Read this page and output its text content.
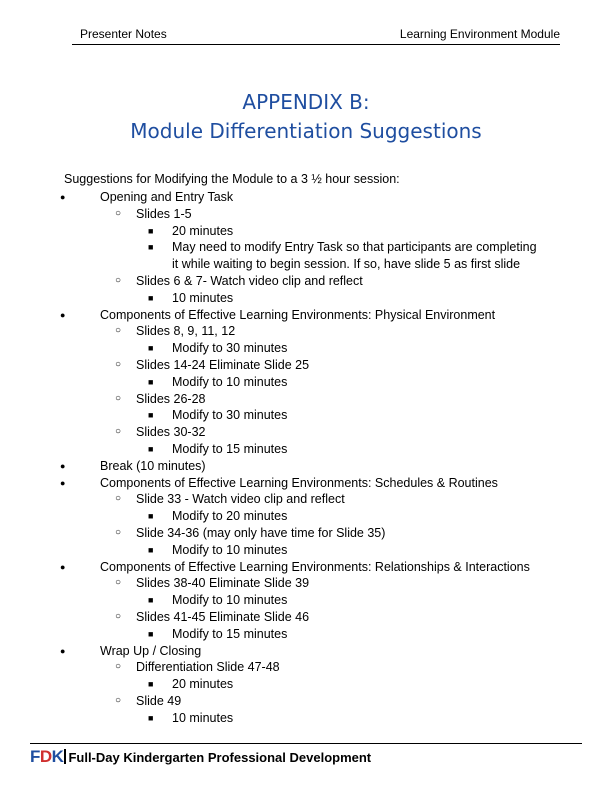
Presenter Notes	Learning Environment Module
APPENDIX B:
Module Differentiation Suggestions
Suggestions for Modifying the Module to a 3 ½ hour session:
●	Opening and Entry Task
○ Slides 1-5
■ 20 minutes
■ May need to modify Entry Task so that participants are completing
it while waiting to begin session. If so, have slide 5 as first slide
○ Slides 6 & 7- Watch video clip and reflect
■ 10 minutes
●	Components of Effective Learning Environments: Physical Environment
○ Slides 8, 9, 11, 12
■ Modify to 30 minutes
○ Slides 14-24 Eliminate Slide 25
■ Modify to 10 minutes
○ Slides 26-28
■ Modify to 30 minutes
○ Slides 30-32
■ Modify to 15 minutes
●	Break (10 minutes)
●	Components of Effective Learning Environments: Schedules & Routines
○ Slide 33 - Watch video clip and reflect
■ Modify to 20 minutes
○ Slide 34-36 (may only have time for Slide 35)
■ Modify to 10 minutes
●	Components of Effective Learning Environments: Relationships & Interactions
○ Slides 38-40 Eliminate Slide 39
■ Modify to 10 minutes
○ Slides 41-45 Eliminate Slide 46
■ Modify to 15 minutes
●	Wrap Up / Closing
○ Differentiation Slide 47-48
■ 20 minutes
○ Slide 49
■ 10 minutes
FDK Full-Day Kindergarten Professional Development
